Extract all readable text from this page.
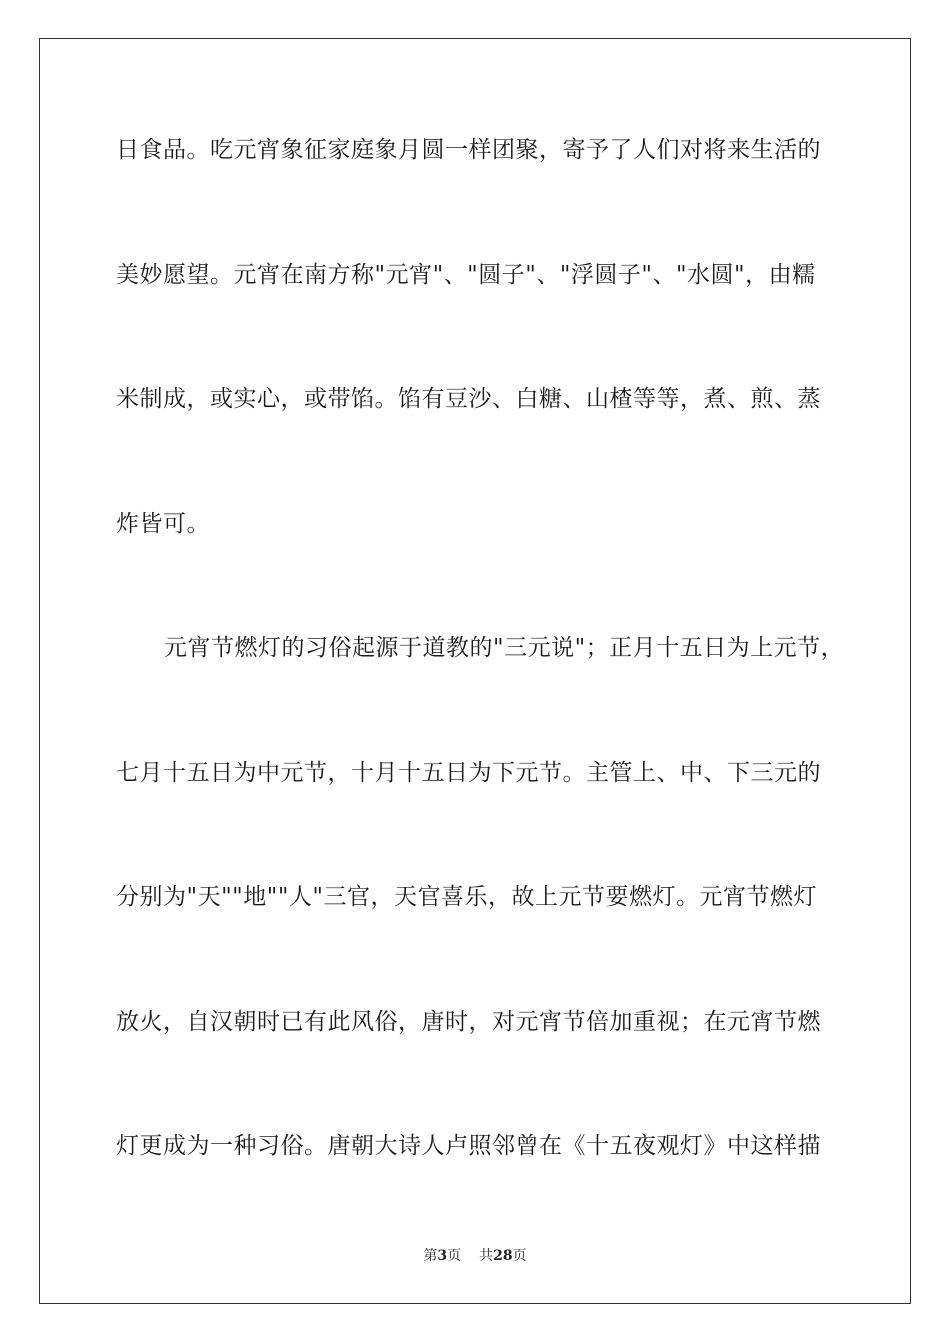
日食品。吃元宵象征家庭象月圆一样团聚，寄予了人们对将来生活的
美妙愿望。元宵在南方称"元宵"、"圆子"、"浮圆子"、"水圆"，由糯
米制成，或实心，或带馅。馅有豆沙、白糖、山楂等等，煮、煎、蒸
炸皆可。
元宵节燃灯的习俗起源于道教的"三元说"；正月十五日为上元节，
七月十五日为中元节，十月十五日为下元节。主管上、中、下三元的
分别为"天""地""人"三官，天官喜乐，故上元节要燃灯。元宵节燃灯
放火，自汉朝时已有此风俗，唐时，对元宵节倍加重视；在元宵节燃
灯更成为一种习俗。唐朝大诗人卢照邻曾在《十五夜观灯》中这样描
第3页 共28页
